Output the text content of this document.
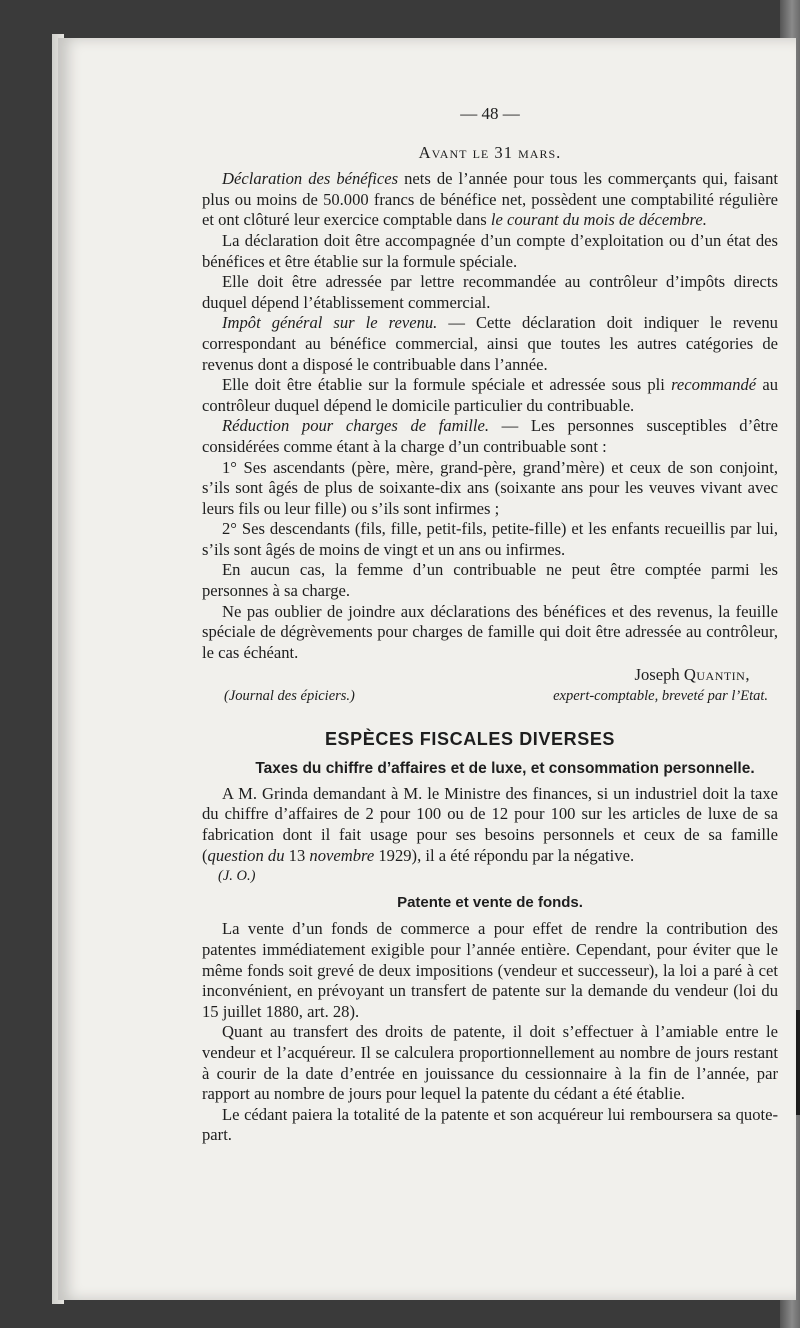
— 48 —
Avant le 31 mars.

Déclaration des bénéfices nets de l’année pour tous les commerçants qui, faisant plus ou moins de 50.000 francs de bénéfice net, possèdent une comptabilité régulière et ont clôturé leur exercice comptable dans le courant du mois de décembre.

La déclaration doit être accompagnée d’un compte d’exploitation ou d’un état des bénéfices et être établie sur la formule spéciale.

Elle doit être adressée par lettre recommandée au contrôleur d’impôts directs duquel dépend l’établissement commercial.

Impôt général sur le revenu. — Cette déclaration doit indiquer le revenu correspondant au bénéfice commercial, ainsi que toutes les autres catégories de revenus dont a disposé le contribuable dans l’année.

Elle doit être établie sur la formule spéciale et adressée sous pli recommandé au contrôleur duquel dépend le domicile particulier du contribuable.

Réduction pour charges de famille. — Les personnes susceptibles d’être considérées comme étant à la charge d’un contribuable sont :

1° Ses ascendants (père, mère, grand-père, grand’mère) et ceux de son conjoint, s’ils sont âgés de plus de soixante-dix ans (soixante ans pour les veuves vivant avec leurs fils ou leur fille) ou s’ils sont infirmes ;

2° Ses descendants (fils, fille, petit-fils, petite-fille) et les enfants recueillis par lui, s’ils sont âgés de moins de vingt et un ans ou infirmes.

En aucun cas, la femme d’un contribuable ne peut être comptée parmi les personnes à sa charge.

Ne pas oublier de joindre aux déclarations des bénéfices et des revenus, la feuille spéciale de dégrèvements pour charges de famille qui doit être adressée au contrôleur, le cas échéant.

Joseph Quantin,
(Journal des épiciers.)	expert-comptable, breveté par l’Etat.
ESPÈCES FISCALES DIVERSES
Taxes du chiffre d’affaires et de luxe, et consommation personnelle.

A M. Grinda demandant à M. le Ministre des finances, si un industriel doit la taxe du chiffre d’affaires de 2 pour 100 ou de 12 pour 100 sur les articles de luxe de sa fabrication dont il fait usage pour ses besoins personnels et ceux de sa famille (question du 13 novembre 1929), il a été répondu par la négative.

(J. O.)
Patente et vente de fonds.

La vente d’un fonds de commerce a pour effet de rendre la contribution des patentes immédiatement exigible pour l’année entière. Cependant, pour éviter que le même fonds soit grevé de deux impositions (vendeur et successeur), la loi a paré à cet inconvénient, en prévoyant un transfert de patente sur la demande du vendeur (loi du 15 juillet 1880, art. 28).

Quant au transfert des droits de patente, il doit s’effectuer à l’amiable entre le vendeur et l’acquéreur. Il se calculera proportionnellement au nombre de jours restant à courir de la date d’entrée en jouissance du cessionnaire à la fin de l’année, par rapport au nombre de jours pour lequel la patente du cédant a été établie.

Le cédant paiera la totalité de la patente et son acquéreur lui remboursera sa quote-part.
